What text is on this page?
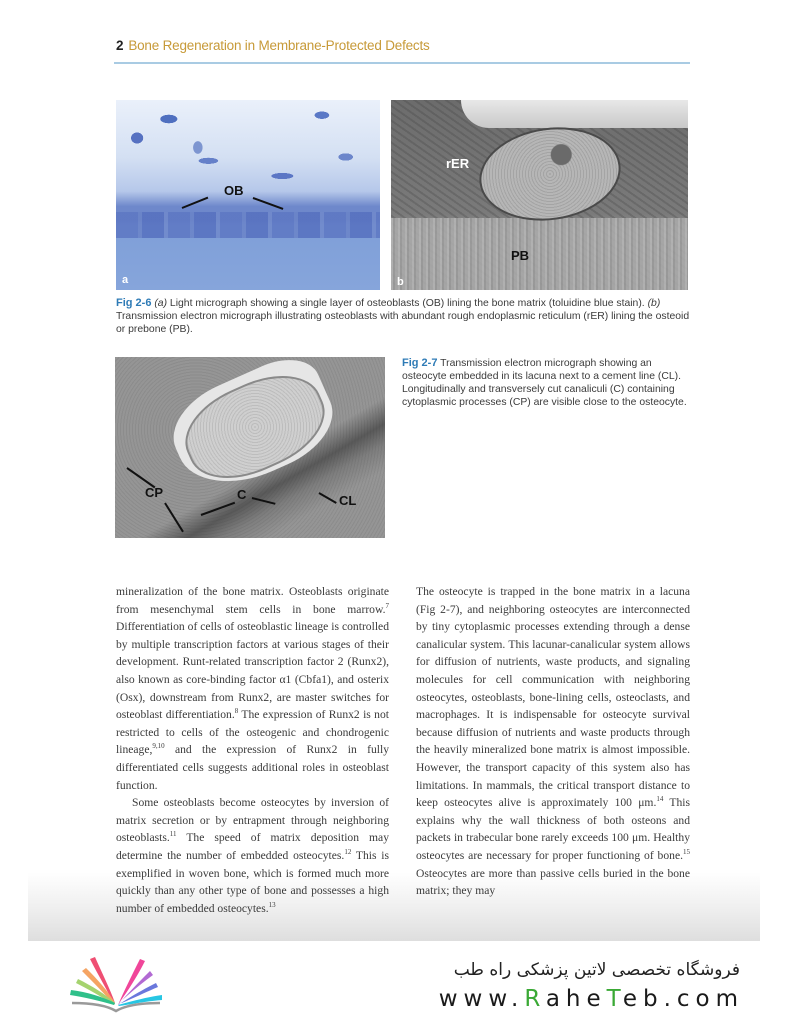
2 Bone Regeneration in Membrane-Protected Defects
OB
a
rER
PB
b
Fig 2-6 (a) Light micrograph showing a single layer of osteoblasts (OB) lining the bone matrix (toluidine blue stain). (b) Transmission electron micrograph illustrating osteoblasts with abundant rough endoplasmic reticulum (rER) lining the osteoid or prebone (PB).
CP	C	CL
Fig 2-7 Transmission electron micrograph showing an osteocyte embedded in its lacuna next to a cement line (CL). Longitudinally and transversely cut canaliculi (C) containing cytoplasmic processes (CP) are visible close to the osteocyte.

mineralization of the bone matrix. Osteoblasts originate from mesenchymal stem cells in bone marrow.$^7$ Differentiation of cells of osteoblastic lineage is controlled by multiple transcription factors at various stages of their development. Runt-related transcription factor 2 (Runx2), also known as core-binding factor α1 (Cbfa1), and osterix (Osx), downstream from Runx2, are master switches for osteoblast differentiation.$^8$ The expression of Runx2 is not restricted to cells of the osteogenic and chondrogenic lineage,$^{9,10}$ and the expression of Runx2 in fully differentiated cells suggests additional roles in osteoblast function.

Some osteoblasts become osteocytes by inversion of matrix secretion or by entrapment through neighboring osteoblasts.$^{11}$ The speed of matrix deposition may determine the number of embedded osteocytes.$^{12}$ This is exemplified in woven bone, which is formed much more quickly than any other type of bone and possesses a high number of embedded osteocytes.$^{13}$

The osteocyte is trapped in the bone matrix in a lacuna (Fig 2-7), and neighboring osteocytes are interconnected by tiny cytoplasmic processes extending through a dense canalicular system. This lacunar-canalicular system allows for diffusion of nutrients, waste products, and signaling molecules for cell communication with neighboring osteocytes, osteoblasts, bone-lining cells, osteoclasts, and macrophages. It is indispensable for osteocyte survival because diffusion of nutrients and waste products through the heavily mineralized bone matrix is almost impossible. However, the transport capacity of this system also has limitations. In mammals, the critical transport distance to keep osteocytes alive is approximately 100 μm.$^{14}$ This explains why the wall thickness of both osteons and packets in trabecular bone rarely exceeds 100 μm. Healthy osteocytes are necessary for proper functioning of bone.$^{15}$ Osteocytes are more than passive cells buried in the bone matrix; they may

فروشگاه تخصصی لاتین پزشکی راه طب
www.RaheTeb.com
